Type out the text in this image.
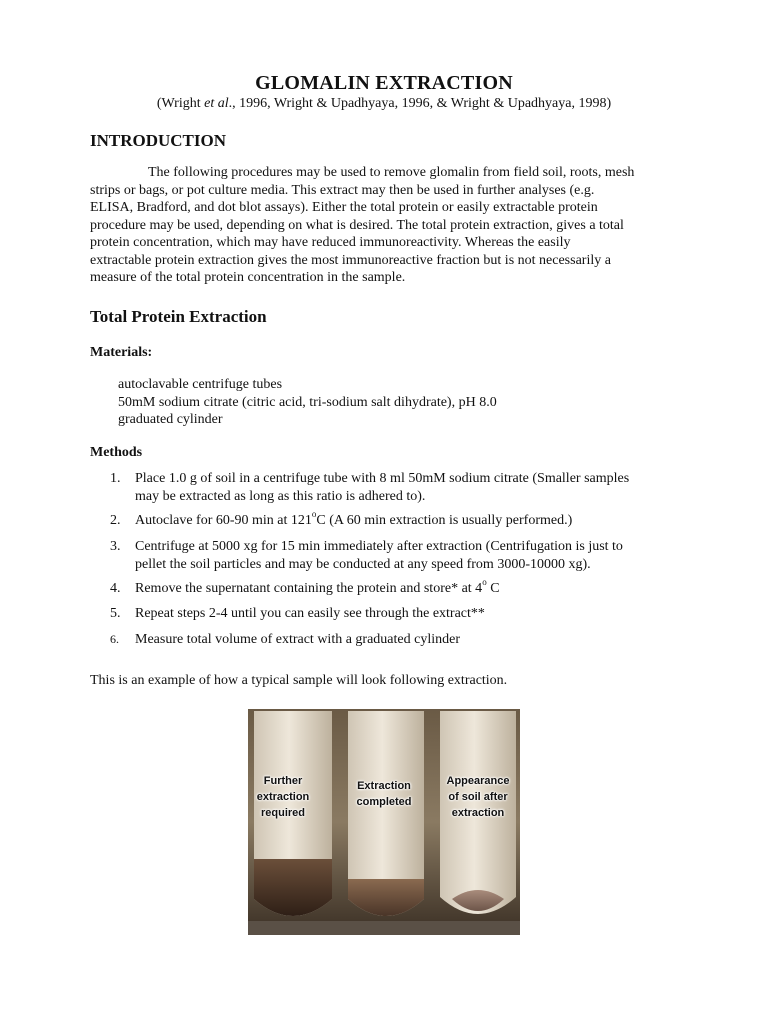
GLOMALIN EXTRACTION
(Wright et al., 1996, Wright & Upadhyaya, 1996, & Wright & Upadhyaya, 1998)
INTRODUCTION
The following procedures may be used to remove glomalin from field soil, roots, mesh
strips or bags, or pot culture media. This extract may then be used in further analyses (e.g.
ELISA, Bradford, and dot blot assays). Either the total protein or easily extractable protein
procedure may be used, depending on what is desired. The total protein extraction, gives a total
protein concentration, which may have reduced immunoreactivity. Whereas the easily
extractable protein extraction gives the most immunoreactive fraction but is not necessarily a
measure of the total protein concentration in the sample.
Total Protein Extraction
Materials:
autoclavable centrifuge tubes
50mM sodium citrate (citric acid, tri-sodium salt dihydrate), pH 8.0
graduated cylinder
Methods
1.	Place 1.0 g of soil in a centrifuge tube with 8 ml 50mM sodium citrate (Smaller samples
may be extracted as long as this ratio is adhered to).
2.	Autoclave for 60-90 min at 121$^o$C (A 60 min extraction is usually performed.)
3.	Centrifuge at 5000 xg for 15 min immediately after extraction (Centrifugation is just to
pellet the soil particles and may be conducted at any speed from 3000-10000 xg).
4.	Remove the supernatant containing the protein and store* at 4$^o$ C
5.	Repeat steps 2-4 until you can easily see through the extract**
6.	Measure total volume of extract with a graduated cylinder
This is an example of how a typical sample will look following extraction.
Further
extraction
required
Extraction
completed
Appearance
of soil after
extraction
